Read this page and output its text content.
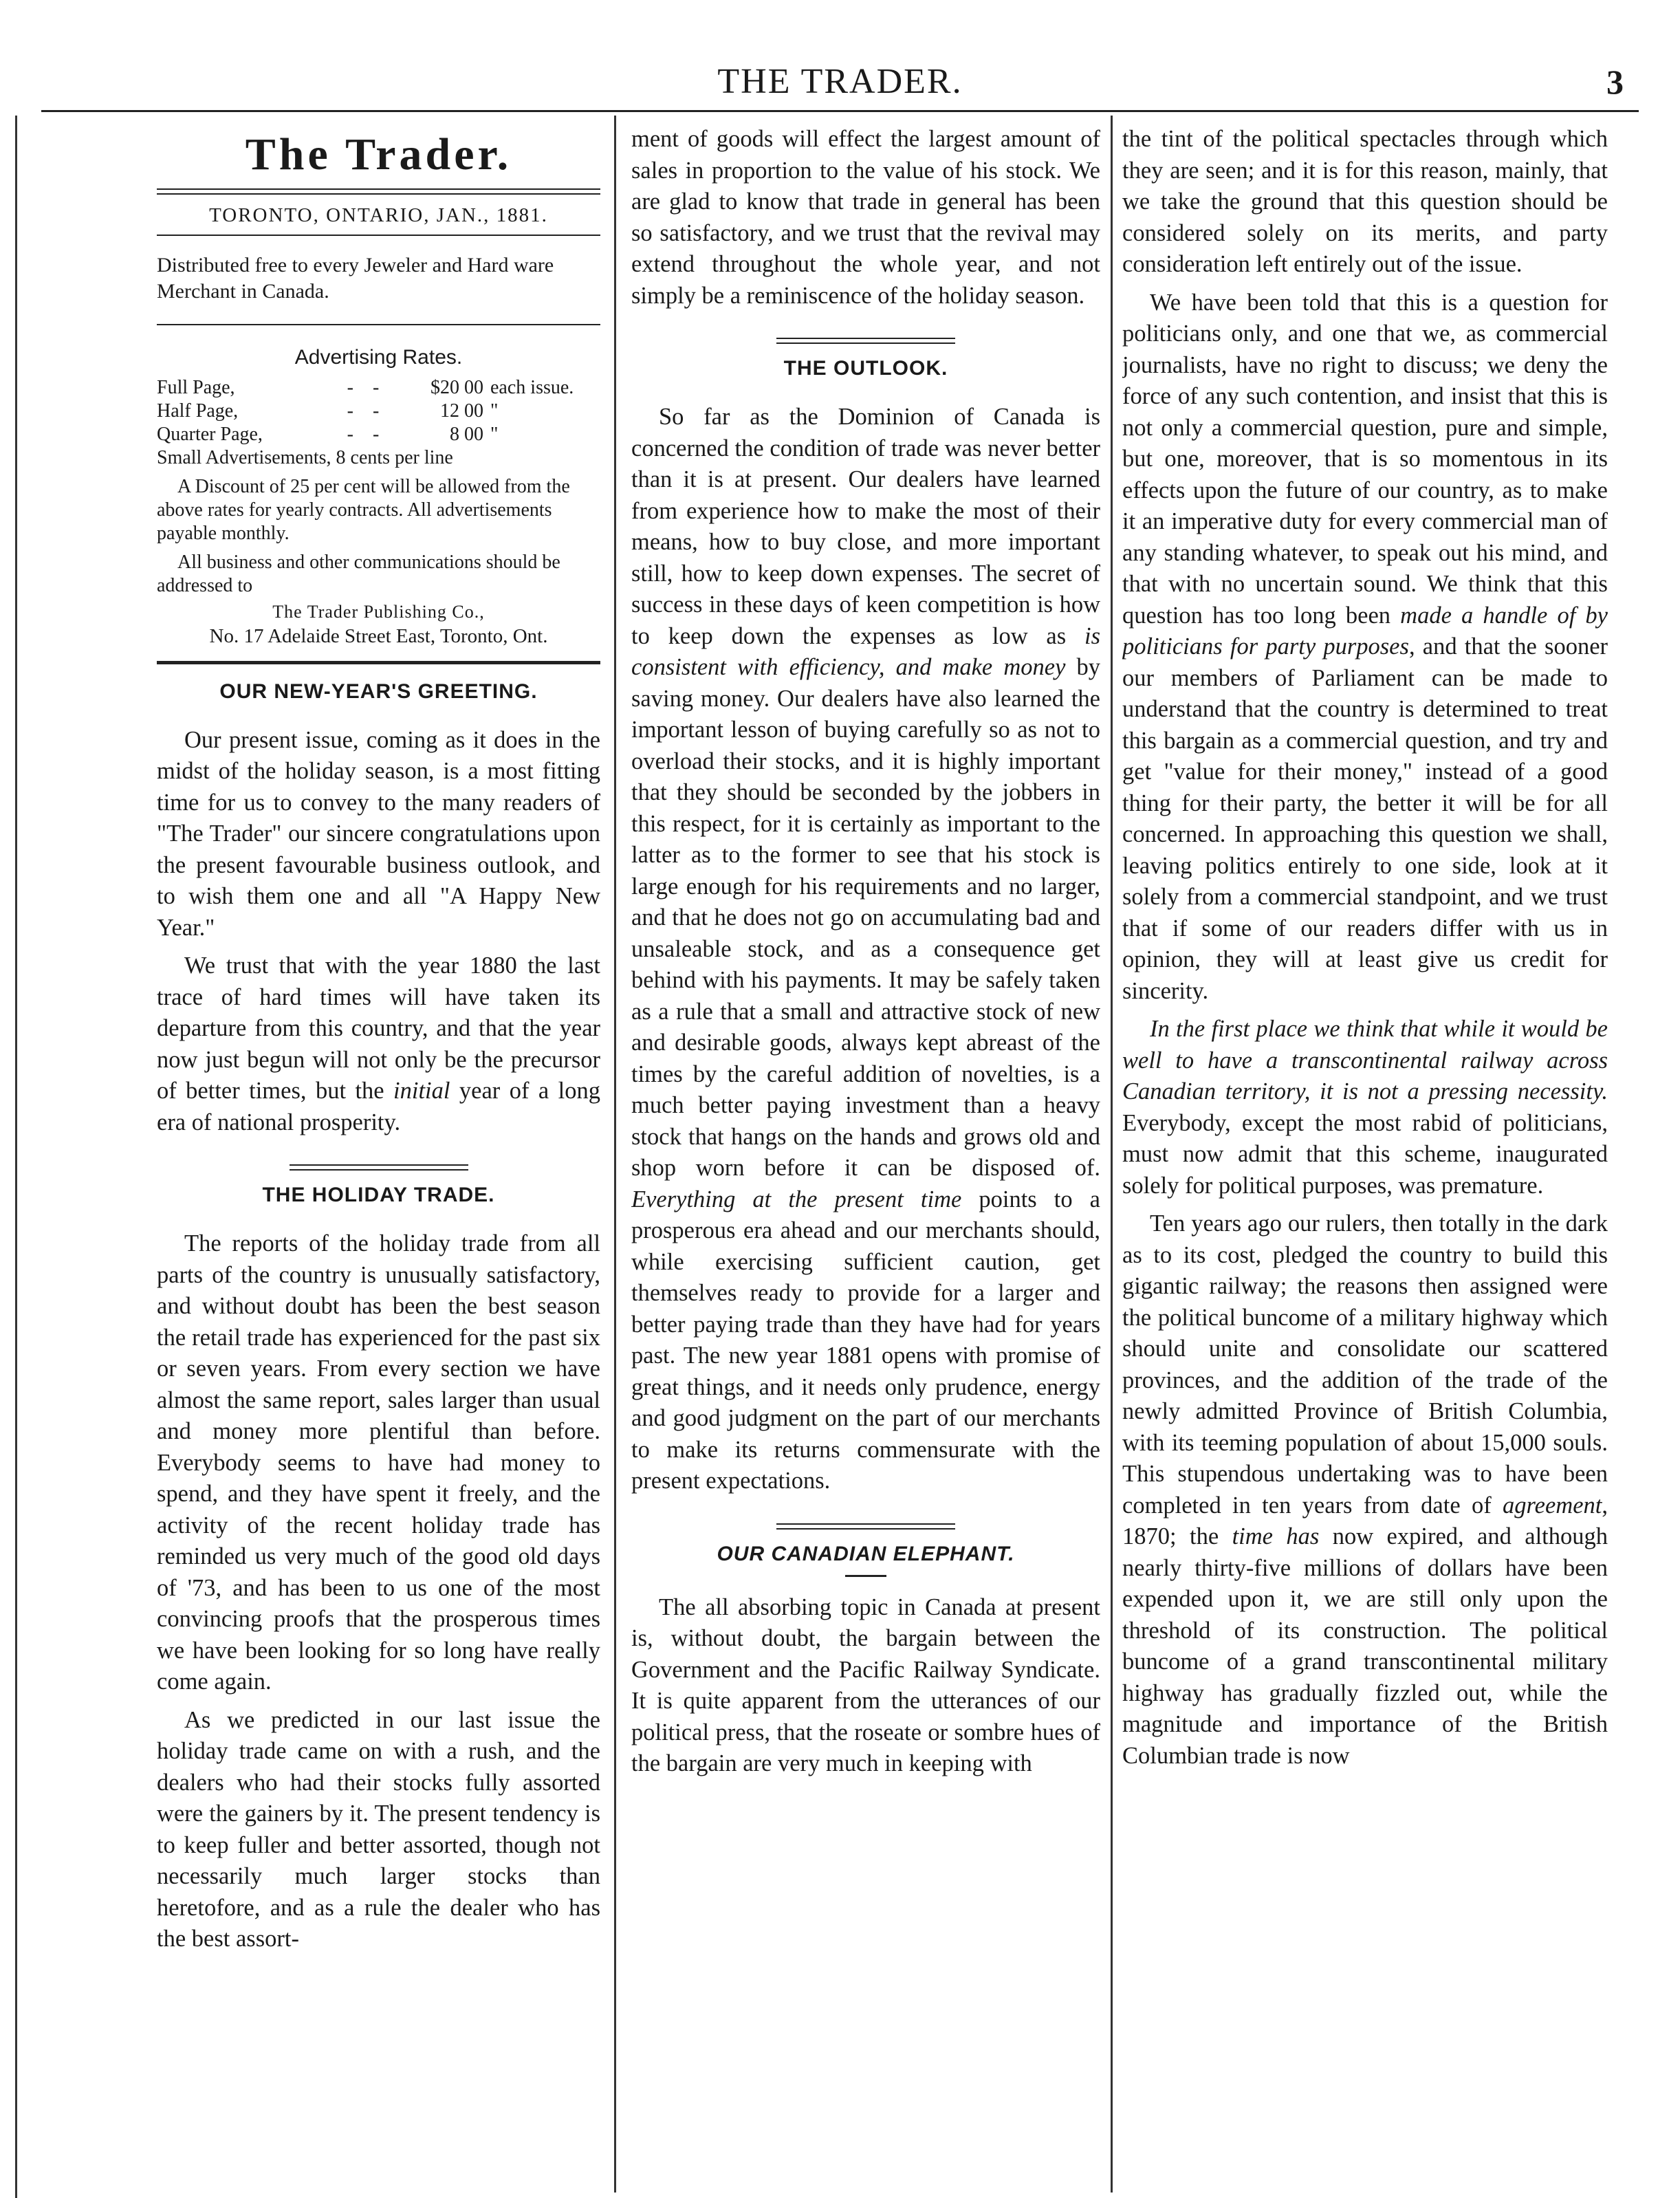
THE TRADER.	3
The Trader.
TORONTO, ONTARIO, JAN., 1881.

Distributed free to every Jeweler and Hard ware Merchant in Canada.

Advertising Rates.
Full Page,	-    -	$20 00	each issue.
Half Page,	-    -	12 00	"
Quarter Page,	-    -	8 00	"

Small Advertisements, 8 cents per line

A Discount of 25 per cent will be allowed from the above rates for yearly contracts. All advertisements payable monthly.

All business and other communications should be addressed to

The Trader Publishing Co.,
No. 17 Adelaide Street East, Toronto, Ont.
OUR NEW-YEAR'S GREETING.

Our present issue, coming as it does in the midst of the holiday season, is a most fitting time for us to convey to the many readers of "The Trader" our sincere congratulations upon the present favourable business outlook, and to wish them one and all "A Happy New Year."

We trust that with the year 1880 the last trace of hard times will have taken its departure from this country, and that the year now just begun will not only be the precursor of better times, but the initial year of a long era of national prosperity.

THE HOLIDAY TRADE.

The reports of the holiday trade from all parts of the country is unusually satisfactory, and without doubt has been the best season the retail trade has experienced for the past six or seven years. From every section we have almost the same report, sales larger than usual and money more plentiful than before. Everybody seems to have had money to spend, and they have spent it freely, and the activity of the recent holiday trade has reminded us very much of the good old days of '73, and has been to us one of the most convincing proofs that the prosperous times we have been looking for so long have really come again.

As we predicted in our last issue the holiday trade came on with a rush, and the dealers who had their stocks fully assorted were the gainers by it. The present tendency is to keep fuller and better assorted, though not necessarily much larger stocks than heretofore, and as a rule the dealer who has the best assort-

ment of goods will effect the largest amount of sales in proportion to the value of his stock. We are glad to know that trade in general has been so satisfactory, and we trust that the revival may extend throughout the whole year, and not simply be a reminiscence of the holiday season.

THE OUTLOOK.

So far as the Dominion of Canada is concerned the condition of trade was never better than it is at present. Our dealers have learned from experience how to make the most of their means, how to buy close, and more important still, how to keep down expenses. The secret of success in these days of keen competition is how to keep down the expenses as low as is consistent with efficiency, and make money by saving money. Our dealers have also learned the important lesson of buying carefully so as not to overload their stocks, and it is highly important that they should be seconded by the jobbers in this respect, for it is certainly as important to the latter as to the former to see that his stock is large enough for his requirements and no larger, and that he does not go on accumulating bad and unsaleable stock, and as a consequence get behind with his payments. It may be safely taken as a rule that a small and attractive stock of new and desirable goods, always kept abreast of the times by the careful addition of novelties, is a much better paying investment than a heavy stock that hangs on the hands and grows old and shop worn before it can be disposed of. Everything at the present time points to a prosperous era ahead and our merchants should, while exercising sufficient caution, get themselves ready to provide for a larger and better paying trade than they have had for years past. The new year 1881 opens with promise of great things, and it needs only prudence, energy and good judgment on the part of our merchants to make its returns commensurate with the present expectations.

OUR CANADIAN ELEPHANT.

The all absorbing topic in Canada at present is, without doubt, the bargain between the Government and the Pacific Railway Syndicate. It is quite apparent from the utterances of our political press, that the roseate or sombre hues of the bargain are very much in keeping with

the tint of the political spectacles through which they are seen; and it is for this reason, mainly, that we take the ground that this question should be considered solely on its merits, and party consideration left entirely out of the issue.

We have been told that this is a question for politicians only, and one that we, as commercial journalists, have no right to discuss; we deny the force of any such contention, and insist that this is not only a commercial question, pure and simple, but one, moreover, that is so momentous in its effects upon the future of our country, as to make it an imperative duty for every commercial man of any standing whatever, to speak out his mind, and that with no uncertain sound. We think that this question has too long been made a handle of by politicians for party purposes, and that the sooner our members of Parliament can be made to understand that the country is determined to treat this bargain as a commercial question, and try and get "value for their money," instead of a good thing for their party, the better it will be for all concerned. In approaching this question we shall, leaving politics entirely to one side, look at it solely from a commercial standpoint, and we trust that if some of our readers differ with us in opinion, they will at least give us credit for sincerity.

In the first place we think that while it would be well to have a transcontinental railway across Canadian territory, it is not a pressing necessity. Everybody, except the most rabid of politicians, must now admit that this scheme, inaugurated solely for political purposes, was premature.

Ten years ago our rulers, then totally in the dark as to its cost, pledged the country to build this gigantic railway; the reasons then assigned were the political buncome of a military highway which should unite and consolidate our scattered provinces, and the addition of the trade of the newly admitted Province of British Columbia, with its teeming population of about 15,000 souls. This stupendous undertaking was to have been completed in ten years from date of agreement, 1870; the time has now expired, and although nearly thirty-five millions of dollars have been expended upon it, we are still only upon the threshold of its construction. The political buncome of a grand transcontinental military highway has gradually fizzled out, while the magnitude and importance of the British Columbian trade is now
